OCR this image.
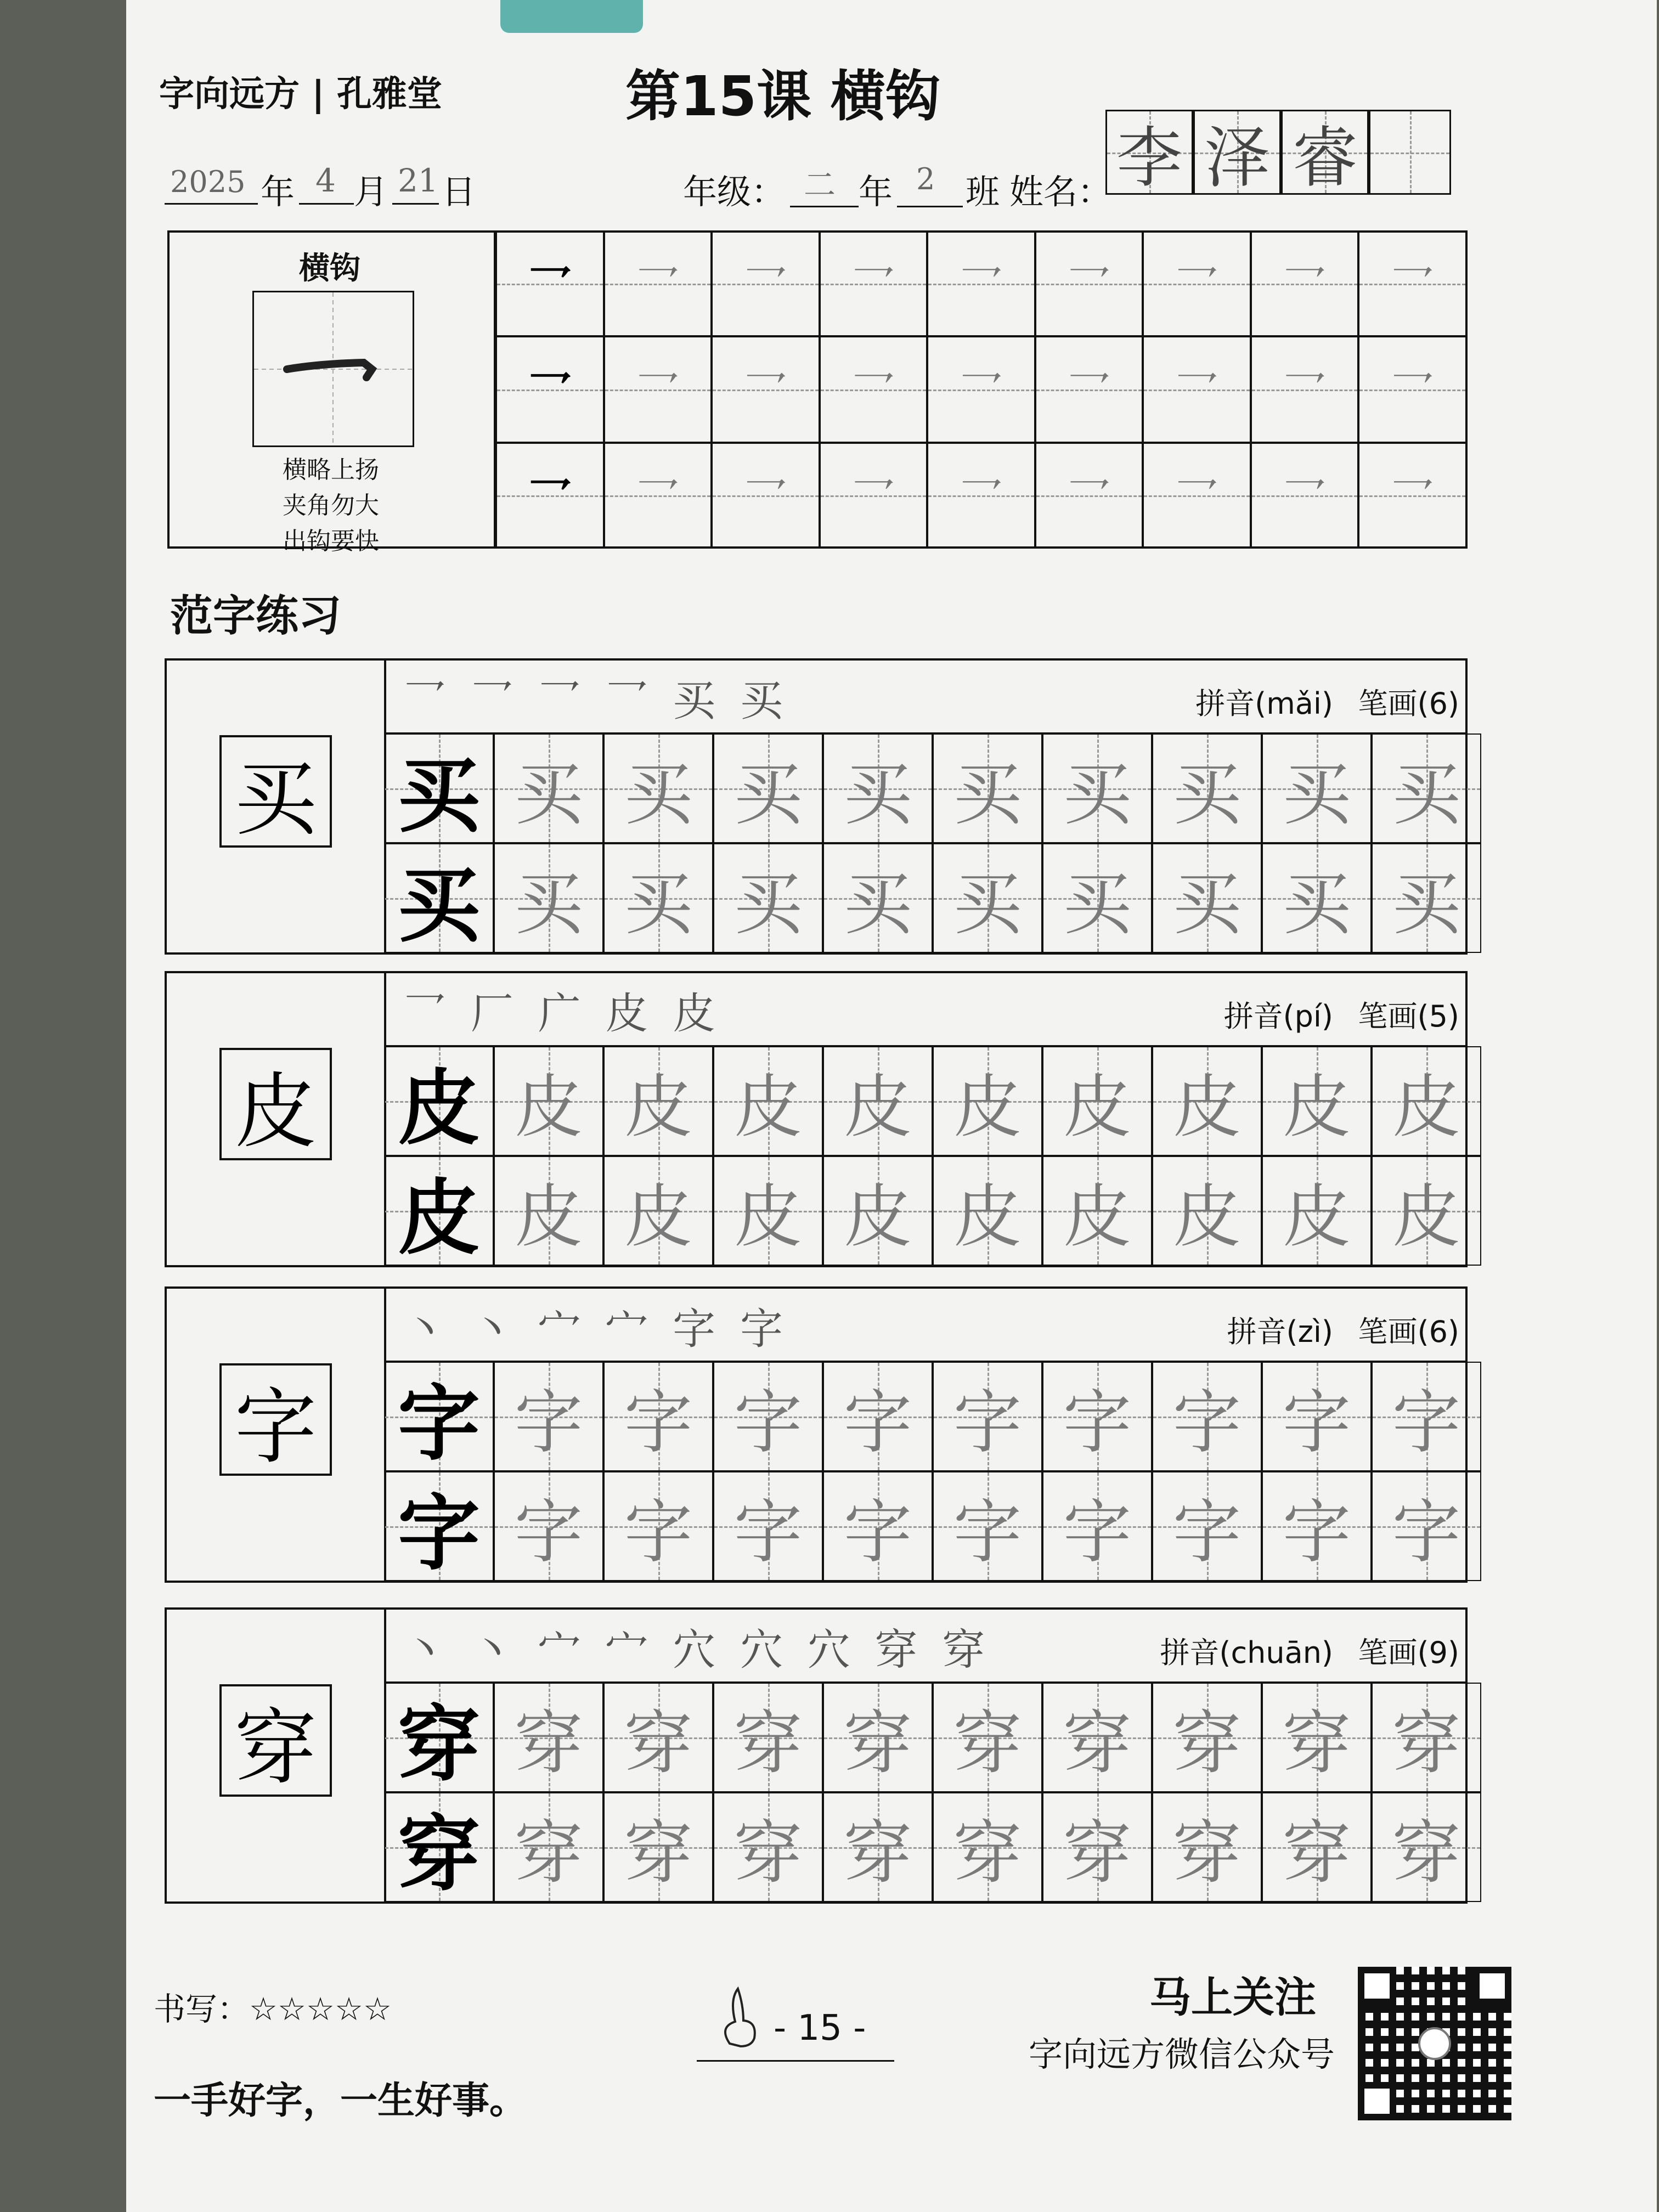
字向远方 | 孔雅堂	第15课 横钩
2025 年 4 月 21 日	年级： 二 年 2 班 姓名： 李 泽 睿
横钩
横略上扬
夹角勿大
出钩要快
乛	乛	乛	乛	乛	乛	乛	乛	乛
乛	乛	乛	乛	乛	乛	乛	乛	乛
乛	乛	乛	乛	乛	乛	乛	乛	乛
范字练习
买
乛 乛 乛 乛 买 买	拼音(mǎi) 笔画(6)
买 买 买 买 买 买 买 买 买 买
买 买 买 买 买 买 买 买 买 买
皮
乛 厂 广 皮 皮	拼音(pí) 笔画(5)
皮 皮 皮 皮 皮 皮 皮 皮 皮 皮
皮 皮 皮 皮 皮 皮 皮 皮 皮 皮
字
丶 丶 宀 宀 字 字	拼音(zì) 笔画(6)
字 字 字 字 字 字 字 字 字 字
字 字 字 字 字 字 字 字 字 字
穿
丶 丶 宀 宀 穴 穴 穴 穿 穿	拼音(chuān) 笔画(9)
穿 穿 穿 穿 穿 穿 穿 穿 穿 穿
穿 穿 穿 穿 穿 穿 穿 穿 穿 穿
书写：☆☆☆☆☆	- 15 -
一手好字，一生好事。
马上关注
字向远方微信公众号
